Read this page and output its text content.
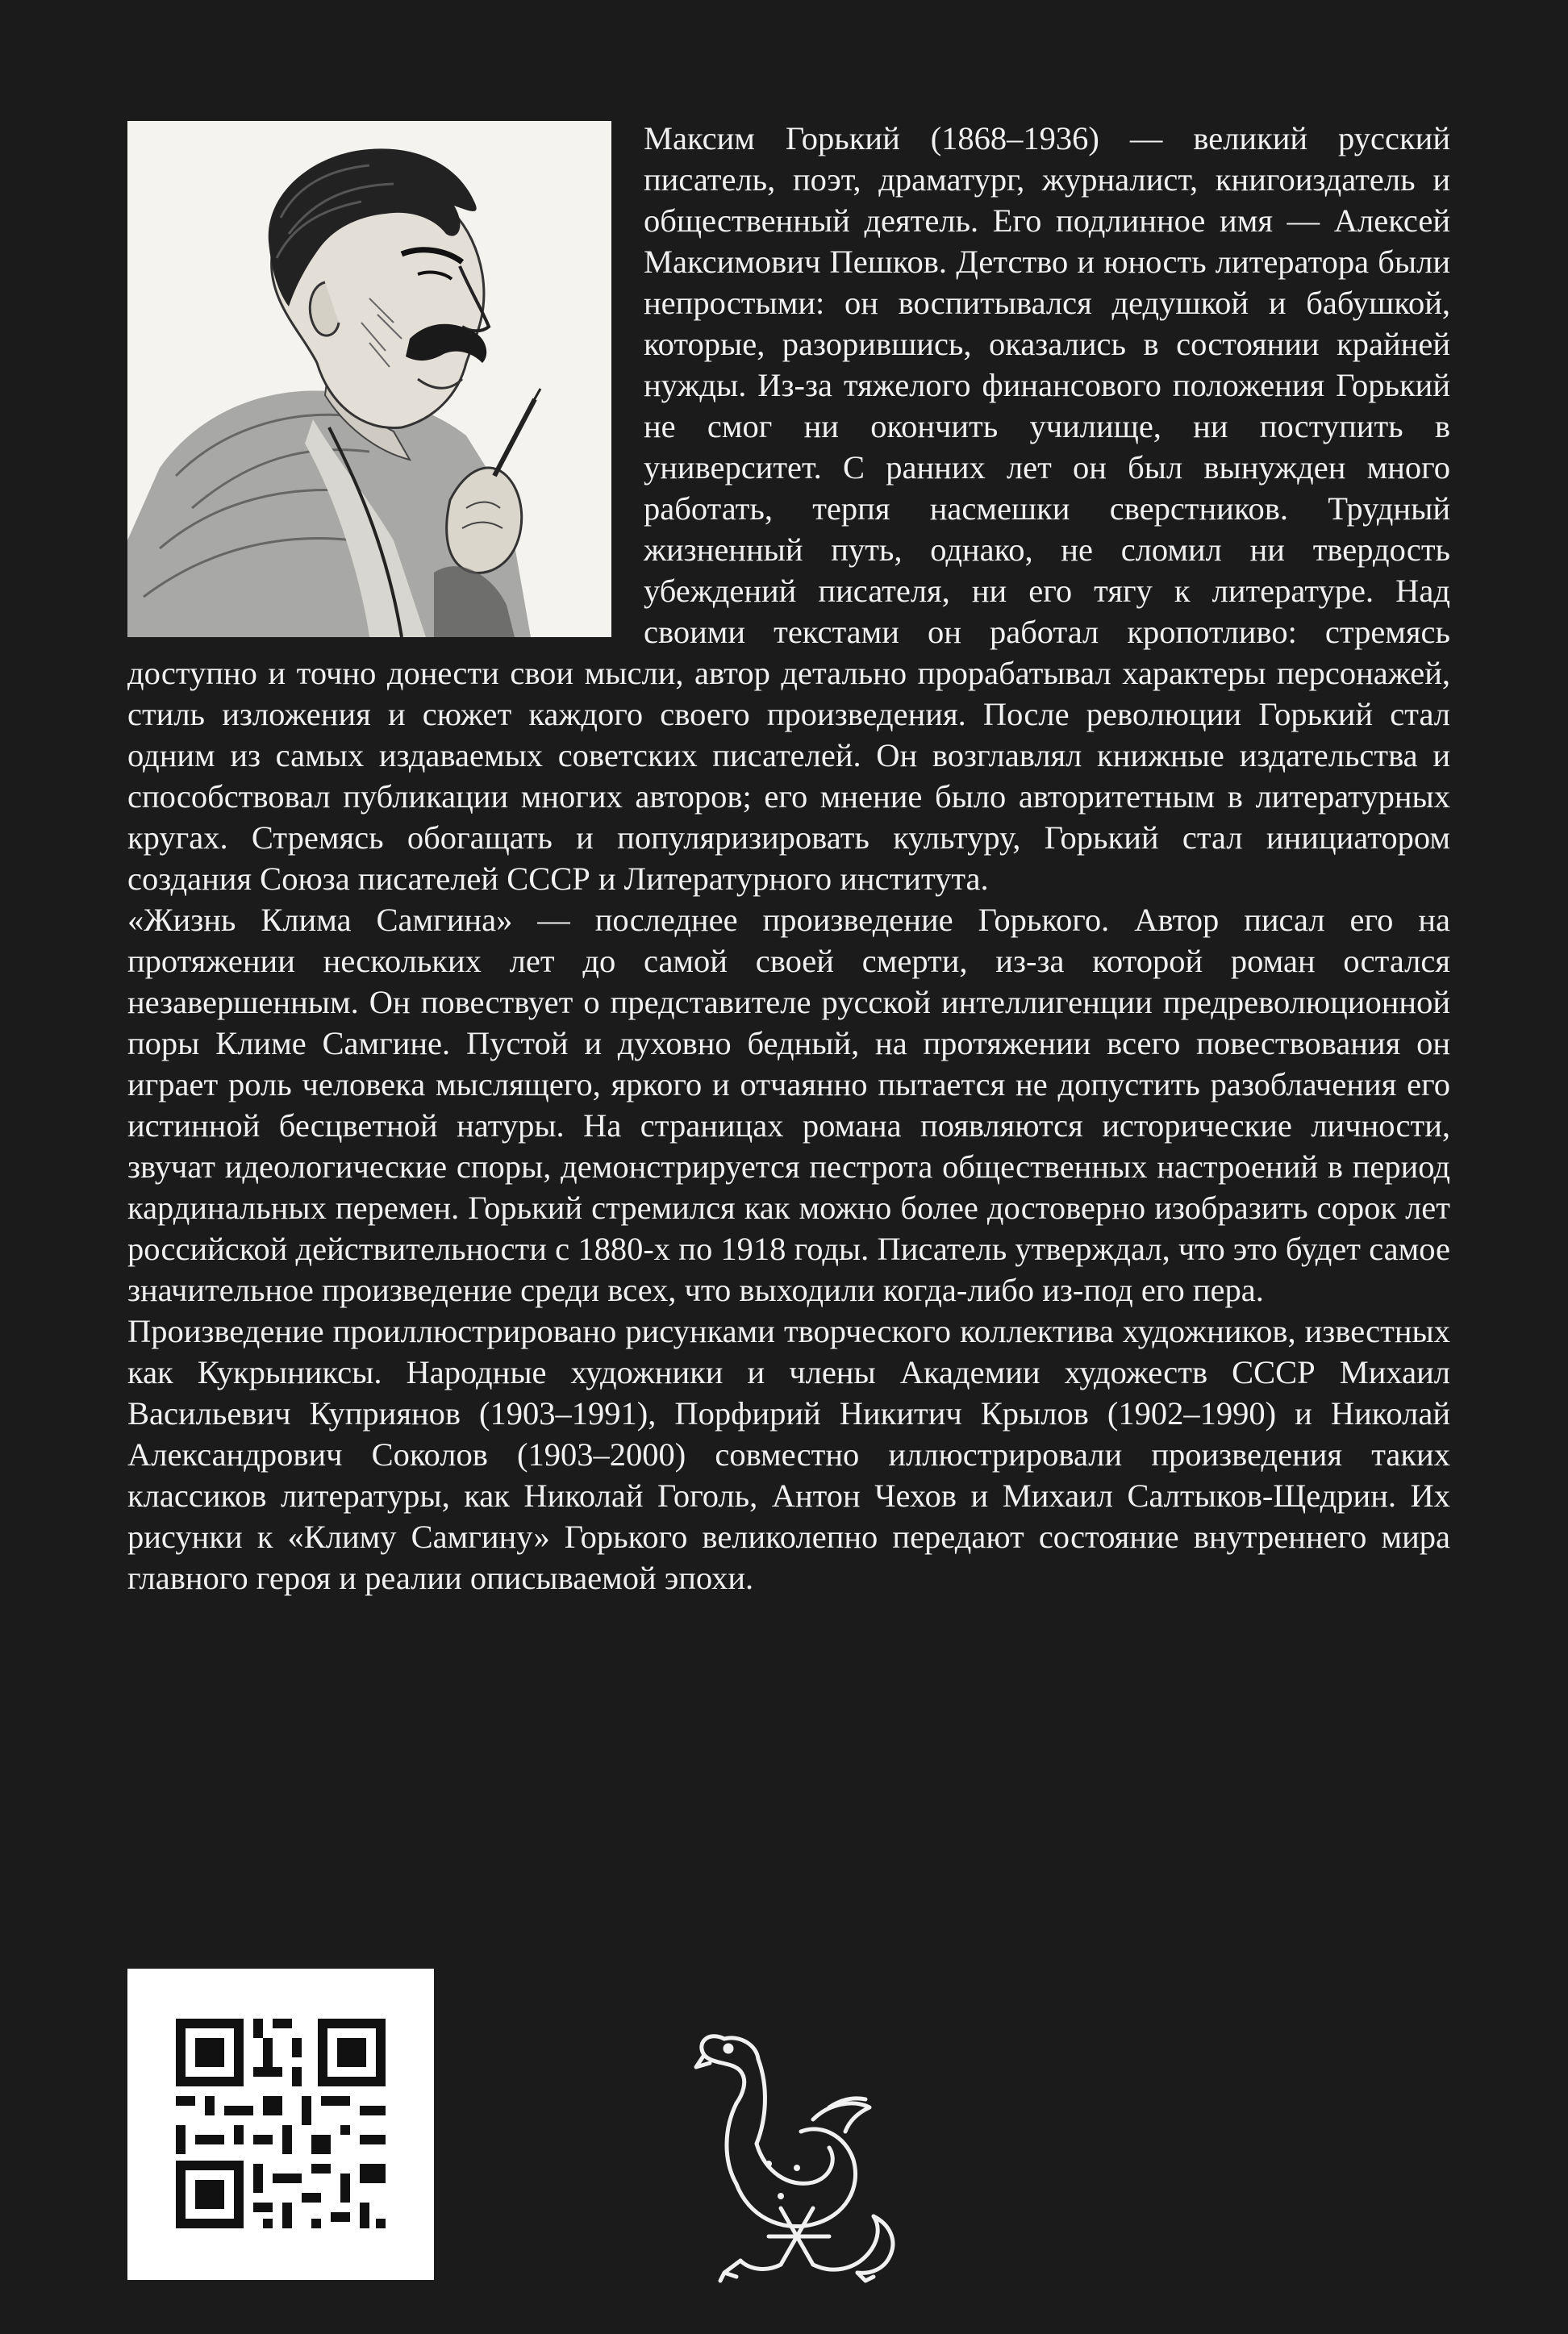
Максим Горький (1868–1936) — великий русский писатель, поэт, драматург, журналист, книгоиздатель и общественный деятель. Его подлинное имя — Алексей Максимович Пешков. Детство и юность литератора были непростыми: он воспитывался дедушкой и бабушкой, которые, разорившись, оказались в состоянии крайней нужды. Из-за тяжелого финансового положения Горький не смог ни окончить училище, ни поступить в университет. С ранних лет он был вынужден много работать, терпя насмешки сверстников. Трудный жизненный путь, однако, не сломил ни твердость убеждений писателя, ни его тягу к литературе. Над своими текстами он работал кропотливо: стремясь доступно и точно донести свои мысли, автор детально прорабатывал характеры персонажей, стиль изложения и сюжет каждого своего произведения. После революции Горький стал одним из самых издаваемых советских писателей. Он возглавлял книжные издательства и способствовал публикации многих авторов; его мнение было авторитетным в литературных кругах. Стремясь обогащать и популяризировать культуру, Горький стал инициатором создания Союза писателей СССР и Литературного института.

«Жизнь Клима Самгина» — последнее произведение Горького. Автор писал его на протяжении нескольких лет до самой своей смерти, из-за которой роман остался незавершенным. Он повествует о представителе русской интеллигенции предреволюционной поры Климе Самгине. Пустой и духовно бедный, на протяжении всего повествования он играет роль человека мыслящего, яркого и отчаянно пытается не допустить разоблачения его истинной бесцветной натуры. На страницах романа появляются исторические личности, звучат идеологические споры, демонстрируется пестрота общественных настроений в период кардинальных перемен. Горький стремился как можно более достоверно изобразить сорок лет российской действительности с 1880-х по 1918 годы. Писатель утверждал, что это будет самое значительное произведение среди всех, что выходили когда-либо из-под его пера.

Произведение проиллюстрировано рисунками творческого коллектива художников, известных как Кукрыниксы. Народные художники и члены Академии художеств СССР Михаил Васильевич Куприянов (1903–1991), Порфирий Никитич Крылов (1902–1990) и Николай Александрович Соколов (1903–2000) совместно иллюстрировали произведения таких классиков литературы, как Николай Гоголь, Антон Чехов и Михаил Салтыков-Щедрин. Их рисунки к «Климу Самгину» Горького великолепно передают состояние внутреннего мира главного героя и реалии описываемой эпохи.
